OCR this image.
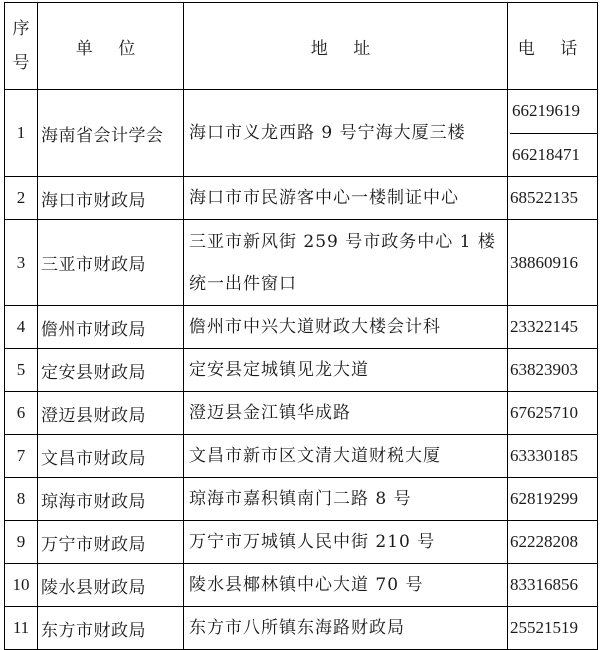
序
号	单 位	地 址	电 话
1	海南省会计学会	海口市义龙西路 9 号宁海大厦三楼	66219619
66218471

2	海口市财政局	海口市市民游客中心一楼制证中心	68522135
3	三亚市财政局	三亚市新风街 259 号市政务中心 1 楼统一出件窗口	38860916
4	儋州市财政局	儋州市中兴大道财政大楼会计科	23322145
5	定安县财政局	定安县定城镇见龙大道	63823903
6	澄迈县财政局	澄迈县金江镇华成路	67625710
7	文昌市财政局	文昌市新市区文清大道财税大厦	63330185
8	琼海市财政局	琼海市嘉积镇南门二路 8 号	62819299
9	万宁市财政局	万宁市万城镇人民中街 210 号	62228208
10	陵水县财政局	陵水县椰林镇中心大道 70 号	83316856
11	东方市财政局	东方市八所镇东海路财政局	25521519
